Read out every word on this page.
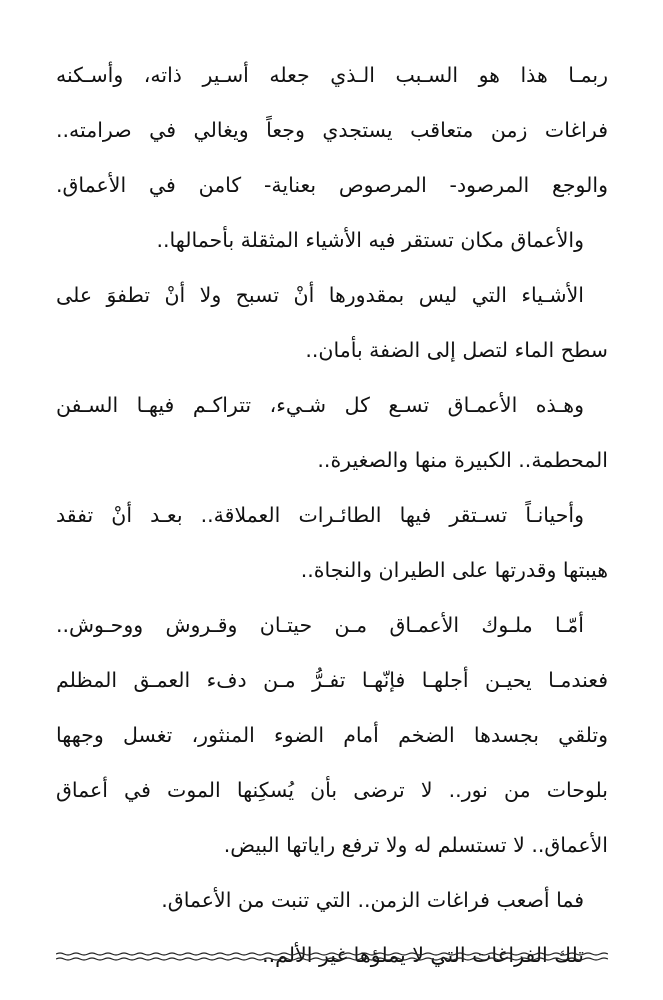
ربمـا هذا هو السـبب الـذي جعله أسـير ذاته، وأسـكنه
فراغات زمن متعاقب يستجدي وجعاً ويغالي في صرامته..
والوجع المرصود- المرصوص بعناية- كامن في الأعماق.
والأعماق مكان تستقر فيه الأشياء المثقلة بأحمالها..
الأشـياء التي ليس بمقدورها أنْ تسبح ولا أنْ تطفوَ على
سطح الماء لتصل إلى الضفة بأمان..
وهـذه الأعمـاق تسـع كل شـيء، تتراكـم فيهـا السـفن
المحطمة.. الكبيرة منها والصغيرة..
وأحيانـاً تسـتقر فيها الطائـرات العملاقة.. بعـد أنْ تفقد
هيبتها وقدرتها على الطيران والنجاة..
أمّـا ملـوك الأعمـاق مـن حيتـان وقـروش ووحـوش..
فعندمـا يحيـن أجلهـا فإنّهـا تفـرُّ مـن دفء العمـق المظلم
وتلقي بجسدها الضخم أمام الضوء المنثور، تغسل وجهها
بلوحات من نور.. لا ترضى بأن يُسكِنها الموت في أعماق
الأعماق.. لا تستسلم له ولا ترفع راياتها البيض.
فما أصعب فراغات الزمن.. التي تنبت من الأعماق.
تلك الفراغات التي لا يملؤها غير الألم..
